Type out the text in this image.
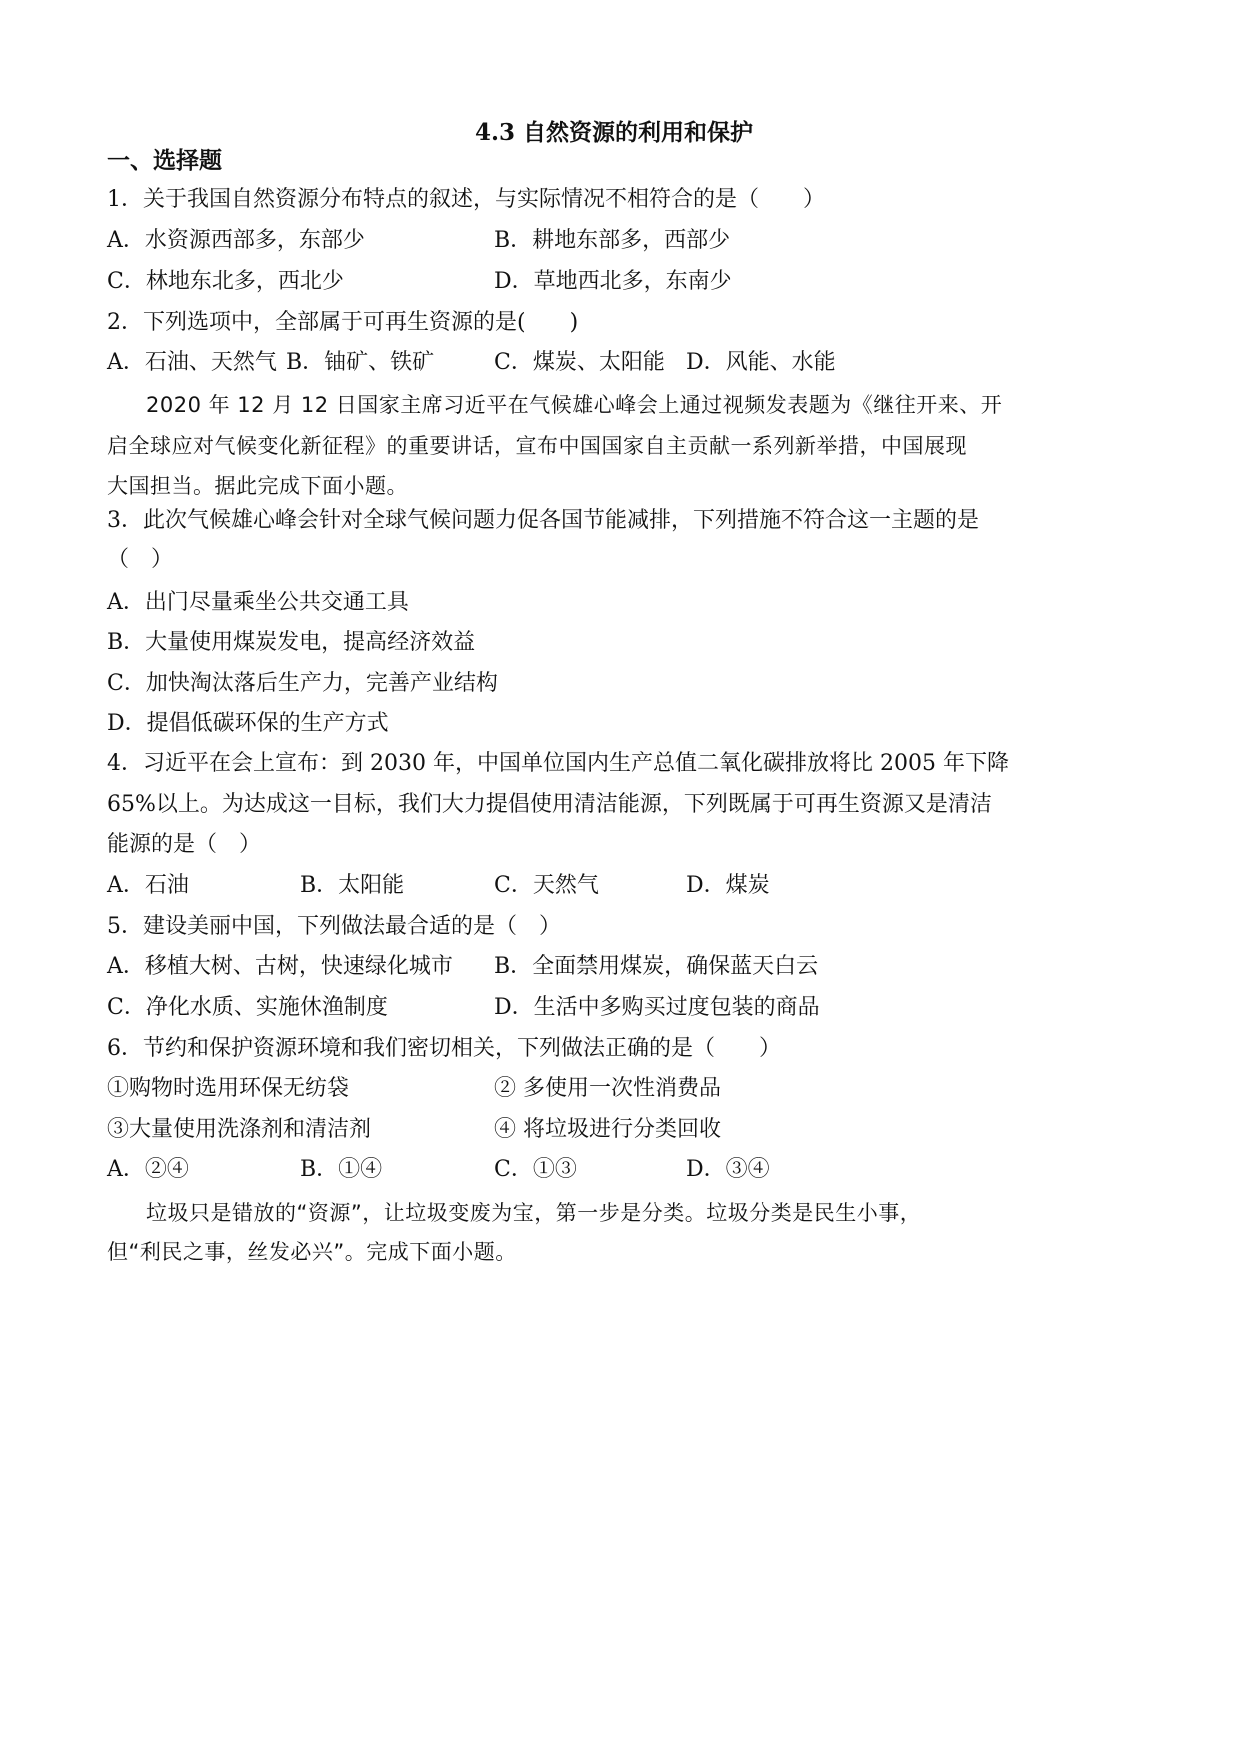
4.3 自然资源的利用和保护
一、选择题
1．关于我国自然资源分布特点的叙述，与实际情况不相符合的是（　　）
A．水资源西部多，东部少	B．耕地东部多，西部少
C．林地东北多，西北少	D．草地西北多，东南少
2．下列选项中，全部属于可再生资源的是(　　)
A．石油、天然气 B．铀矿、铁矿	C．煤炭、太阳能 D．风能、水能
2020 年 12 月 12 日国家主席习近平在气候雄心峰会上通过视频发表题为《继往开来、开
启全球应对气候变化新征程》的重要讲话，宣布中国国家自主贡献一系列新举措，中国展现
大国担当。据此完成下面小题。
3．此次气候雄心峰会针对全球气候问题力促各国节能减排，下列措施不符合这一主题的是
（　）
A．出门尽量乘坐公共交通工具
B．大量使用煤炭发电，提高经济效益
C．加快淘汰落后生产力，完善产业结构
D．提倡低碳环保的生产方式
4．习近平在会上宣布：到 2030 年，中国单位国内生产总值二氧化碳排放将比 2005 年下降
65%以上。为达成这一目标，我们大力提倡使用清洁能源，下列既属于可再生资源又是清洁
能源的是（　）
A．石油	B．太阳能	C．天然气	D．煤炭
5．建设美丽中国，下列做法最合适的是（　）
A．移植大树、古树，快速绿化城市 B．全面禁用煤炭，确保蓝天白云
C．净化水质、实施休渔制度	D．生活中多购买过度包装的商品
6．节约和保护资源环境和我们密切相关，下列做法正确的是（　　）
①购物时选用环保无纺袋	② 多使用一次性消费品
③大量使用洗涤剂和清洁剂	④ 将垃圾进行分类回收
A．②④	B．①④	C．①③	D．③④
垃圾只是错放的“资源”，让垃圾变废为宝，第一步是分类。垃圾分类是民生小事，
但“利民之事，丝发必兴”。完成下面小题。
